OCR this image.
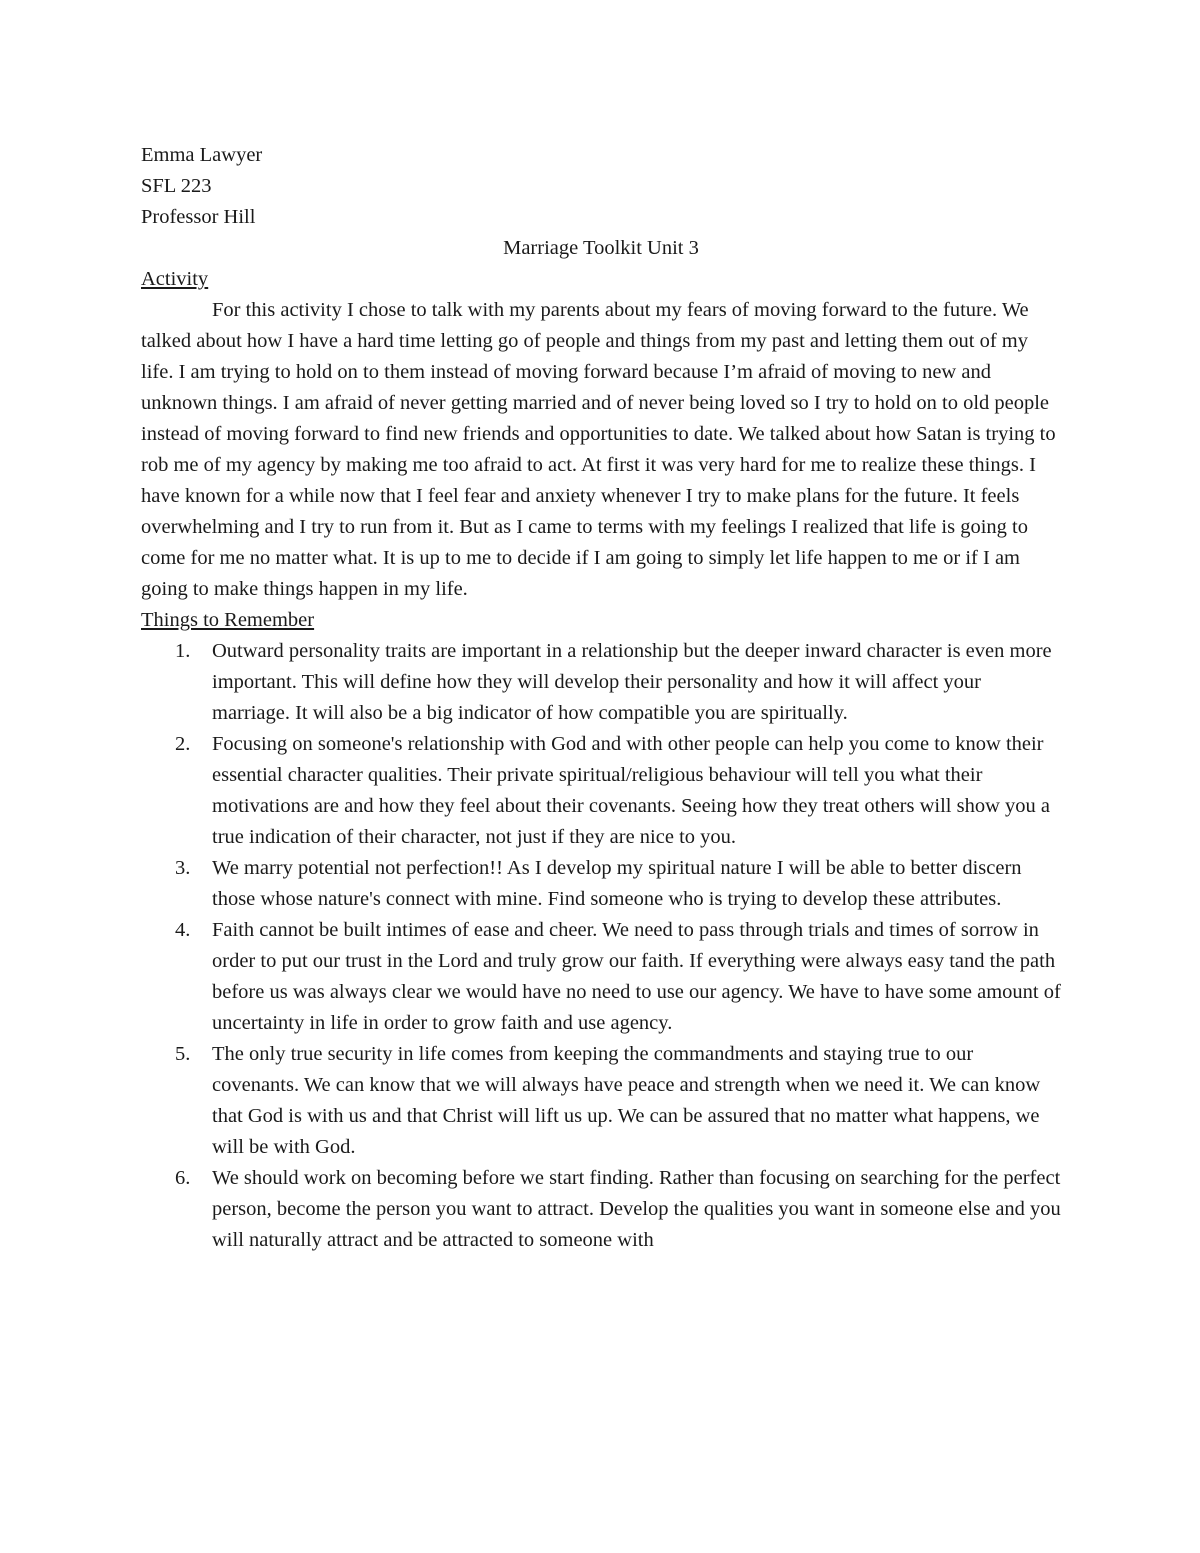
Emma Lawyer

SFL 223

Professor Hill

Marriage Toolkit Unit 3

Activity

For this activity I chose to talk with my parents about my fears of moving forward to the future. We talked about how I have a hard time letting go of people and things from my past and letting them out of my life. I am trying to hold on to them instead of moving forward because I’m afraid of moving to new and unknown things. I am afraid of never getting married and of never being loved so I try to hold on to old people instead of moving forward to find new friends and opportunities to date. We talked about how Satan is trying to rob me of my agency by making me too afraid to act. At first it was very hard for me to realize these things. I have known for a while now that I feel fear and anxiety whenever I try to make plans for the future. It feels overwhelming and I try to run from it. But as I came to terms with my feelings I realized that life is going to come for me no matter what. It is up to me to decide if I am going to simply let life happen to me or if I am going to make things happen in my life.

Things to Remember

1. Outward personality traits are important in a relationship but the deeper inward character is even more important. This will define how they will develop their personality and how it will affect your marriage. It will also be a big indicator of how compatible you are spiritually.
2. Focusing on someone's relationship with God and with other people can help you come to know their essential character qualities. Their private spiritual/religious behaviour will tell you what their motivations are and how they feel about their covenants. Seeing how they treat others will show you a true indication of their character, not just if they are nice to you.
3. We marry potential not perfection!! As I develop my spiritual nature I will be able to better discern those whose nature's connect with mine. Find someone who is trying to develop these attributes.
4. Faith cannot be built intimes of ease and cheer. We need to pass through trials and times of sorrow in order to put our trust in the Lord and truly grow our faith. If everything were always easy tand the path before us was always clear we would have no need to use our agency. We have to have some amount of uncertainty in life in order to grow faith and use agency.
5. The only true security in life comes from keeping the commandments and staying true to our covenants. We can know that we will always have peace and strength when we need it. We can know that God is with us and that Christ will lift us up. We can be assured that no matter what happens, we will be with God.
6. We should work on becoming before we start finding. Rather than focusing on searching for the perfect person, become the person you want to attract. Develop the qualities you want in someone else and you will naturally attract and be attracted to someone with
